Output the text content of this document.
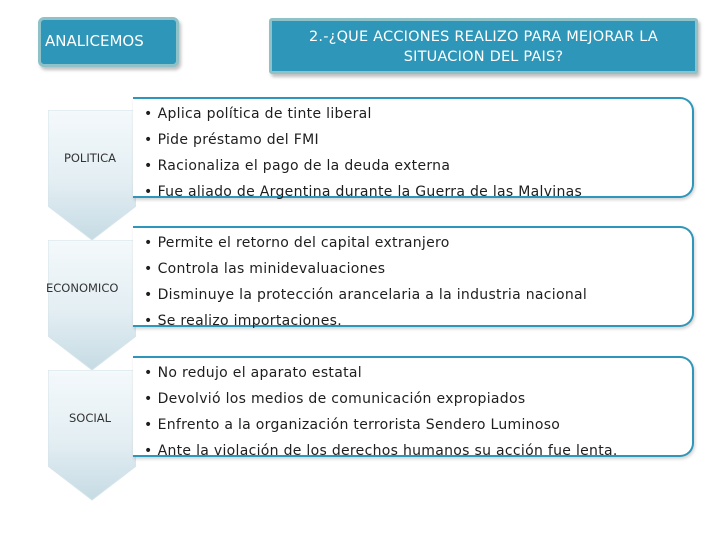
ANALICEMOS	2.-¿QUE ACCIONES REALIZO PARA MEJORAR LA
SITUACION DEL PAIS?
POLITICA
• Aplica política de tinte liberal
• Pide préstamo del FMI
• Racionaliza el pago de la deuda externa
• Fue aliado de Argentina durante la Guerra de las Malvinas
ECONOMICO
• Permite el retorno del capital extranjero
• Controla las minidevaluaciones
• Disminuye la protección arancelaria a la industria nacional
• Se realizo importaciones.
SOCIAL
• No redujo el aparato estatal
• Devolvió los medios de comunicación expropiados
• Enfrento a la organización terrorista Sendero Luminoso
• Ante la violación de los derechos humanos su acción fue lenta.
